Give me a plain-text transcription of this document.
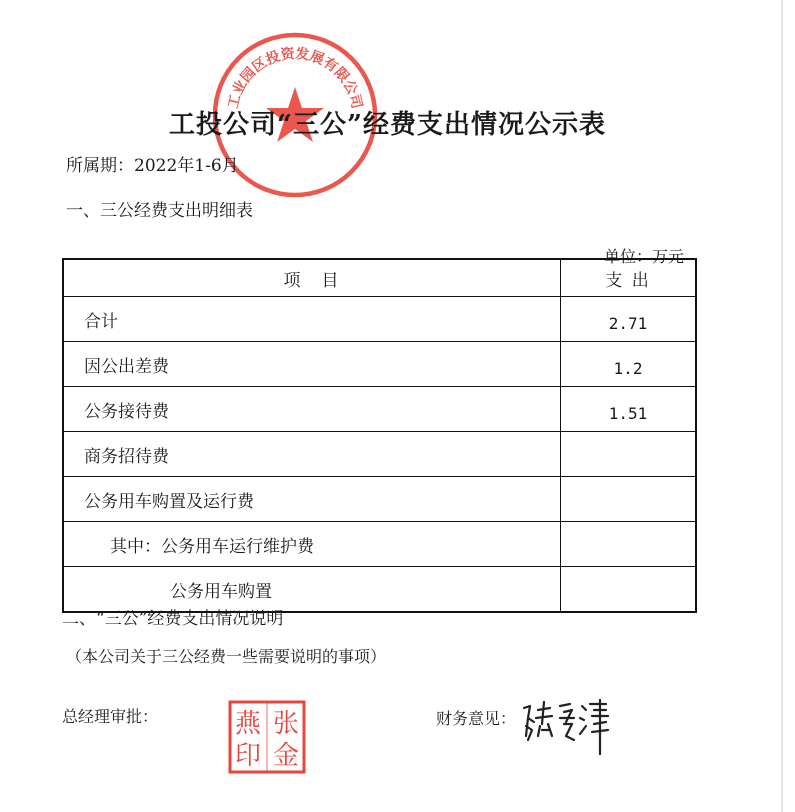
工业园区投资发展有限公司
工投公司“三公”经费支出情况公示表
所属期：2022年1-6月
一、三公经费支出明细表
单位：万元
项　目	支 出
合计	2.71
因公出差费	1.2
公务接待费	1.51
商务招待费	
公务用车购置及运行费	
其中：公务用车运行维护费	
公务用车购置	
二、“三公”经费支出情况说明
（本公司关于三公经费一些需要说明的事项）
总经理审批：	燕 张
印 金
财务意见：
